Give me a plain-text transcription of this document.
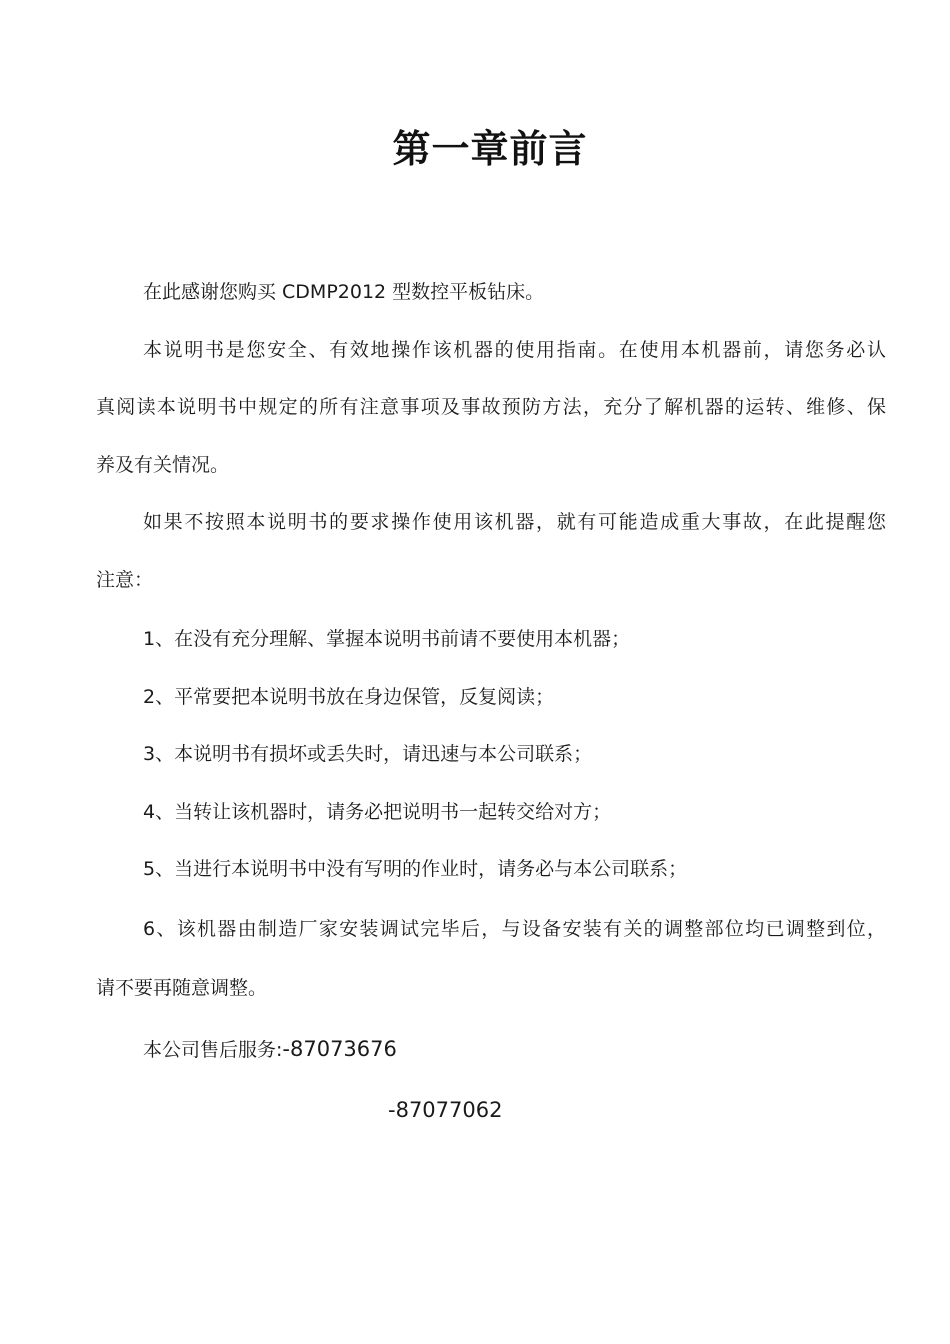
第一章前言
在此感谢您购买 CDMP2012 型数控平板钻床。
本说明书是您安全、有效地操作该机器的使用指南。在使用本机器前，请您务必认
真阅读本说明书中规定的所有注意事项及事故预防方法，充分了解机器的运转、维修、保
养及有关情况。
如果不按照本说明书的要求操作使用该机器，就有可能造成重大事故，在此提醒您
注意：
1、在没有充分理解、掌握本说明书前请不要使用本机器；
2、平常要把本说明书放在身边保管，反复阅读；
3、本说明书有损坏或丢失时，请迅速与本公司联系；
4、当转让该机器时，请务必把说明书一起转交给对方；
5、当进行本说明书中没有写明的作业时，请务必与本公司联系；
6、该机器由制造厂家安装调试完毕后，与设备安装有关的调整部位均已调整到位，
请不要再随意调整。
本公司售后服务:-87073676
-87077062
